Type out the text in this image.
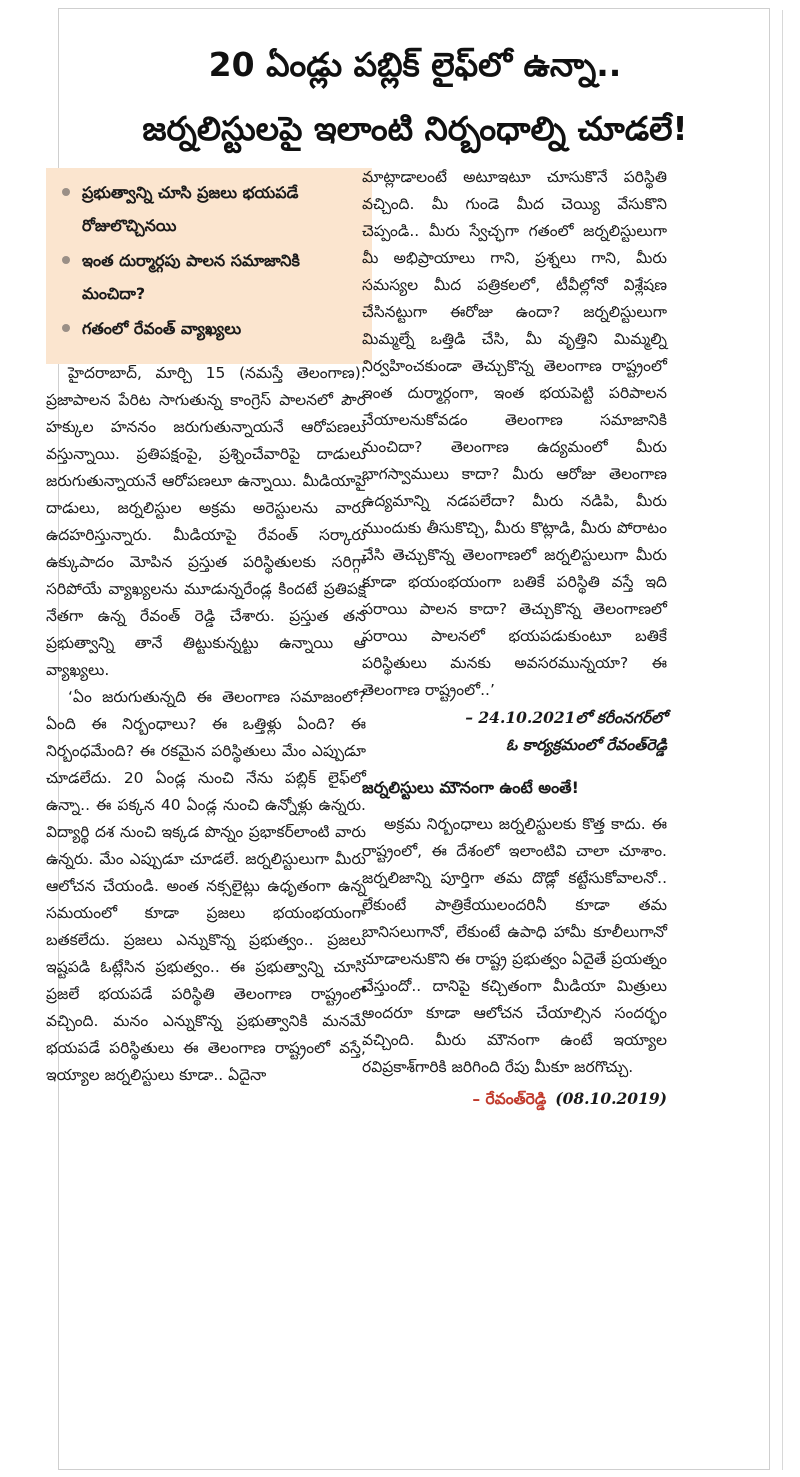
20 ఏండ్లు పబ్లిక్‌ లైఫ్‌లో ఉన్నా..
జర్నలిస్టులపై ఇలాంటి నిర్బంధాల్ని చూడలే!
ప్రభుత్వాన్ని చూసి ప్రజలు భయపడే రోజులొచ్చినయి
ఇంత దుర్మార్గపు పాలన సమాజానికి మంచిదా?
గతంలో రేవంత్‌ వ్యాఖ్యలు

హైదరాబాద్‌, మార్చి 15 (నమస్తే తెలంగాణ): ప్రజాపాలన పేరిట సాగుతున్న కాంగ్రెస్‌ పాలనలో పౌర హక్కుల హననం జరుగుతున్నాయనే ఆరోపణలు వస్తున్నాయి. ప్రతిపక్షంపై, ప్రశ్నించేవారిపై దాడులు జరుగుతున్నాయనే ఆరోపణలూ ఉన్నాయి. మీడియాపై దాడులు, జర్నలిస్టుల అక్రమ అరెస్టులను వారు ఉదహరిస్తున్నారు. మీడియాపై రేవంత్‌ సర్కారు ఉక్కుపాదం మోపిన ప్రస్తుత పరిస్థితులకు సరిగ్గా సరిపోయే వ్యాఖ్యలను మూడున్నరేండ్ల కిందటే ప్రతిపక్ష నేతగా ఉన్న రేవంత్‌ రెడ్డి చేశారు. ప్రస్తుత తన ప్రభుత్వాన్ని తానే తిట్టుకున్నట్టు ఉన్నాయి ఆ వ్యాఖ్యలు.

‘ఏం జరుగుతున్నది ఈ తెలంగాణ సమాజంలో? ఏంది ఈ నిర్బంధాలు? ఈ ఒత్తిళ్లు ఏంది? ఈ నిర్బంధమేంది? ఈ రకమైన పరిస్థితులు మేం ఎప్పుడూ చూడలేదు. 20 ఏండ్ల నుంచి నేను పబ్లిక్‌ లైఫ్‌లో ఉన్నా.. ఈ పక్కన 40 ఏండ్ల నుంచి ఉన్నోళ్లు ఉన్నరు. విద్యార్థి దశ నుంచి ఇక్కడ పొన్నం ప్రభాకర్‌లాంటి వారు ఉన్నరు. మేం ఎప్పుడూ చూడలే. జర్నలిస్టులుగా మీరు ఆలోచన చేయండి. అంత నక్సలైట్లు ఉధృతంగా ఉన్న సమయంలో కూడా ప్రజలు భయంభయంగా బతకలేదు. ప్రజలు ఎన్నుకొన్న ప్రభుత్వం.. ప్రజలు ఇష్టపడి ఓట్లేసిన ప్రభుత్వం.. ఈ ప్రభుత్వాన్ని చూసి ప్రజలే భయపడే పరిస్థితి తెలంగాణ రాష్ట్రంలో వచ్చింది. మనం ఎన్నుకొన్న ప్రభుత్వానికి మనమే భయపడే పరిస్థితులు ఈ తెలంగాణ రాష్ట్రంలో వస్తే, ఇయ్యాల జర్నలిస్టులు కూడా.. ఏదైనా

మాట్లాడాలంటే అటూఇటూ చూసుకొనే పరిస్థితి వచ్చింది. మీ గుండె మీద చెయ్యి వేసుకొని చెప్పండి.. మీరు స్వేచ్ఛగా గతంలో జర్నలిస్టులుగా మీ అభిప్రాయాలు గాని, ప్రశ్నలు గాని, మీరు సమస్యల మీద పత్రికలలో, టీవీల్లోనో విశ్లేషణ చేసినట్టుగా ఈరోజు ఉందా? జర్నలిస్టులుగా మిమ్మల్నే ఒత్తిడి చేసి, మీ వృత్తిని మిమ్మల్ని నిర్వహించకుండా తెచ్చుకొన్న తెలంగాణ రాష్ట్రంలో ఇంత దుర్మార్గంగా, ఇంత భయపెట్టి పరిపాలన చేయాలనుకోవడం తెలంగాణ సమాజానికి మంచిదా? తెలంగాణ ఉద్యమంలో మీరు భాగస్వాములు కాదా? మీరు ఆరోజు తెలంగాణ ఉద్యమాన్ని నడపలేదా? మీరు నడిపి, మీరు ముందుకు తీసుకొచ్చి, మీరు కొట్లాడి, మీరు పోరాటం చేసి తెచ్చుకొన్న తెలంగాణలో జర్నలిస్టులుగా మీరు కూడా భయంభయంగా బతికే పరిస్థితి వస్తే ఇది పరాయి పాలన కాదా? తెచ్చుకొన్న తెలంగాణలో పరాయి పాలనలో భయపడుకుంటూ బతికే పరిస్థితులు మనకు అవసరమున్నయా? ఈ తెలంగాణ రాష్ట్రంలో..’

– 24.10.2021లో కరీంనగర్‌లో
ఓ కార్యక్రమంలో రేవంత్‌రెడ్డి
జర్నలిస్టులు మౌనంగా ఉంటే అంతే!

అక్రమ నిర్బంధాలు జర్నలిస్టులకు కొత్త కాదు. ఈ రాష్ట్రంలో, ఈ దేశంలో ఇలాంటివి చాలా చూశాం. జర్నలిజాన్ని పూర్తిగా తమ దొడ్లో కట్టేసుకోవాలనో.. లేకుంటే పాత్రికేయులందరినీ కూడా తమ బానిసలుగానో, లేకుంటే ఉపాధి హామీ కూలీలుగానో చూడాలనుకొని ఈ రాష్ట్ర ప్రభుత్వం ఏదైతే ప్రయత్నం చేస్తుందో.. దానిపై కచ్చితంగా మీడియా మిత్రులు అందరూ కూడా ఆలోచన చేయాల్సిన సందర్భం వచ్చింది. మీరు మౌనంగా ఉంటే ఇయ్యాల రవిప్రకాశ్‌గారికి జరిగింది రేపు మీకూ జరగొచ్చు.

– రేవంత్‌రెడ్డి (08.10.2019)
